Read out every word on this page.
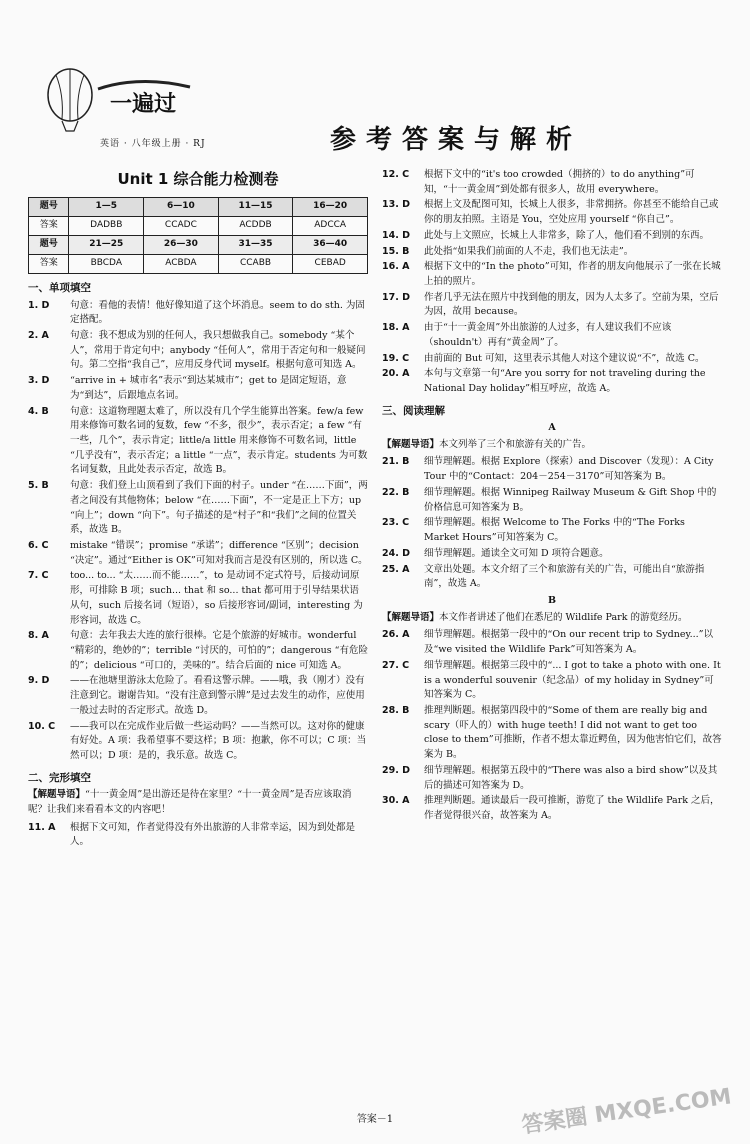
一遍过
英语 · 八年级上册 · RJ	参考答案与解析
Unit 1 综合能力检测卷
题号	1—5	6—10	11—15	16—20
答案	DADBB	CCADC	ACDDB	ADCCA
题号	21—25	26—30	31—35	36—40
答案	BBCDA	ACBDA	CCABB	CEBAD
一、单项填空
1. D	句意：看他的表情！他好像知道了这个坏消息。seem to do sth. 为固定搭配。
2. A	句意：我不想成为别的任何人，我只想做我自己。somebody “某个人”，常用于肯定句中；anybody “任何人”，常用于否定句和一般疑问句。第二空指“我自己”，应用反身代词 myself。根据句意可知选 A。
3. D	“arrive in + 城市名”表示“到达某城市”；get to 是固定短语，意为“到达”，后跟地点名词。
4. B	句意：这道物理题太难了，所以没有几个学生能算出答案。few/a few 用来修饰可数名词的复数，few “不多，很少”，表示否定；a few “有一些，几个”，表示肯定；little/a little 用来修饰不可数名词，little “几乎没有”，表示否定；a little “一点”，表示肯定。students 为可数名词复数，且此处表示否定，故选 B。
5. B	句意：我们登上山顶看到了我们下面的村子。under “在……下面”，两者之间没有其他物体；below “在……下面”，不一定是正上下方；up “向上”；down “向下”。句子描述的是“村子”和“我们”之间的位置关系，故选 B。
6. C	mistake “错误”；promise “承诺”；difference “区别”；decision “决定”。通过“Either is OK”可知对我而言是没有区别的，所以选 C。
7. C	too... to... “太……而不能……”，to 是动词不定式符号，后接动词原形，可排除 B 项；such... that 和 so... that 都可用于引导结果状语从句，such 后接名词（短语），so 后接形容词/副词，interesting 为形容词，故选 C。
8. A	句意：去年我去大连的旅行很棒。它是个旅游的好城市。wonderful “精彩的，绝妙的”；terrible “讨厌的，可怕的”；dangerous “有危险的”；delicious “可口的，美味的”。结合后面的 nice 可知选 A。
9. D	——在池塘里游泳太危险了。看看这警示牌。——哦，我（刚才）没有注意到它。谢谢告知。“没有注意到警示牌”是过去发生的动作，应使用一般过去时的否定形式。故选 D。
10. C	——我可以在完成作业后做一些运动吗？——当然可以。这对你的健康有好处。A 项：我希望事不要这样；B 项：抱歉，你不可以；C 项：当然可以；D 项：是的，我乐意。故选 C。
二、完形填空
【解题导语】“十一黄金周”是出游还是待在家里？“十一黄金周”是否应该取消呢？让我们来看看本文的内容吧！
11. A	根据下文可知，作者觉得没有外出旅游的人非常幸运，因为到处都是人。
12. C	根据下文中的“it's too crowded（拥挤的）to do anything”可知，“十一黄金周”到处都有很多人，故用 everywhere。
13. D	根据上文及配图可知，长城上人很多，非常拥挤。你甚至不能给自己或你的朋友拍照。主语是 You，空处应用 yourself “你自己”。
14. D	此处与上文照应，长城上人非常多，除了人，他们看不到别的东西。
15. B	此处指“如果我们前面的人不走，我们也无法走”。
16. A	根据下文中的“In the photo”可知，作者的朋友向他展示了一张在长城上拍的照片。
17. D	作者几乎无法在照片中找到他的朋友，因为人太多了。空前为果，空后为因，故用 because。
18. A	由于“十一黄金周”外出旅游的人过多，有人建议我们不应该（shouldn't）再有“黄金周”了。
19. C	由前面的 But 可知，这里表示其他人对这个建议说“不”，故选 C。
20. A	本句与文章第一句“Are you sorry for not traveling during the National Day holiday”相互呼应，故选 A。
三、阅读理解
A
【解题导语】本文列举了三个和旅游有关的广告。
21. B	细节理解题。根据 Explore（探索）and Discover（发现）：A City Tour 中的“Contact：204－254－3170”可知答案为 B。
22. B	细节理解题。根据 Winnipeg Railway Museum & Gift Shop 中的价格信息可知答案为 B。
23. C	细节理解题。根据 Welcome to The Forks 中的“The Forks Market Hours”可知答案为 C。
24. D	细节理解题。通读全文可知 D 项符合题意。
25. A	文章出处题。本文介绍了三个和旅游有关的广告，可能出自“旅游指南”，故选 A。
B
【解题导语】本文作者讲述了他们在悉尼的 Wildlife Park 的游览经历。
26. A	细节理解题。根据第一段中的“On our recent trip to Sydney...”以及“we visited the Wildlife Park”可知答案为 A。
27. C	细节理解题。根据第三段中的“... I got to take a photo with one. It is a wonderful souvenir（纪念品）of my holiday in Sydney”可知答案为 C。
28. B	推理判断题。根据第四段中的“Some of them are really big and scary（吓人的）with huge teeth! I did not want to get too close to them”可推断，作者不想太靠近鳄鱼，因为他害怕它们，故答案为 B。
29. D	细节理解题。根据第五段中的“There was also a bird show”以及其后的描述可知答案为 D。
30. A	推理判断题。通读最后一段可推断，游览了 the Wildlife Park 之后，作者觉得很兴奋，故答案为 A。
答案－1	答案圈 MXQE.COM
